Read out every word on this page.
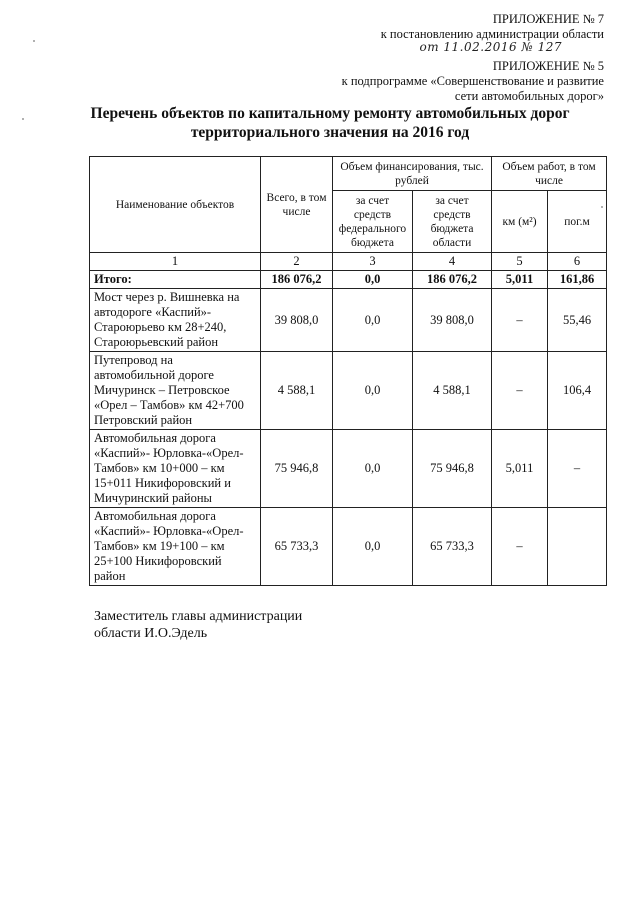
ПРИЛОЖЕНИЕ № 7
к постановлению администрации области
от 11.02.2016 № 127
ПРИЛОЖЕНИЕ № 5
к подпрограмме «Совершенствование и развитие
сети автомобильных дорог»
Перечень объектов по капитальному ремонту автомобильных дорог
территориального значения на 2016 год
Наименование объектов	Всего, в том числе	Объем финансирования, тыс. рублей		Объем работ, в том числе	
		за счет средств федерального бюджета	за счет средств бюджета области	км (м²)	пог.м
1	2	3	4	5	6
Итого:	186 076,2	0,0	186 076,2	5,011	161,86
Мост через р. Вишневка на автодороге «Каспий»- Староюрьево км 28+240, Староюрьевский район	39 808,0	0,0	39 808,0	–	55,46
Путепровод на автомобильной дороге Мичуринск – Петровское «Орел – Тамбов» км 42+700 Петровский район	4 588,1	0,0	4 588,1	–	106,4
Автомобильная дорога «Каспий»- Юрловка-«Орел-Тамбов» км 10+000 – км 15+011 Никифоровский и Мичуринский районы	75 946,8	0,0	75 946,8	5,011	–
Автомобильная дорога «Каспий»- Юрловка-«Орел-Тамбов» км 19+100 – км 25+100 Никифоровский район	65 733,3	0,0	65 733,3	–	
Заместитель главы администрации
области И.О.Эдель
